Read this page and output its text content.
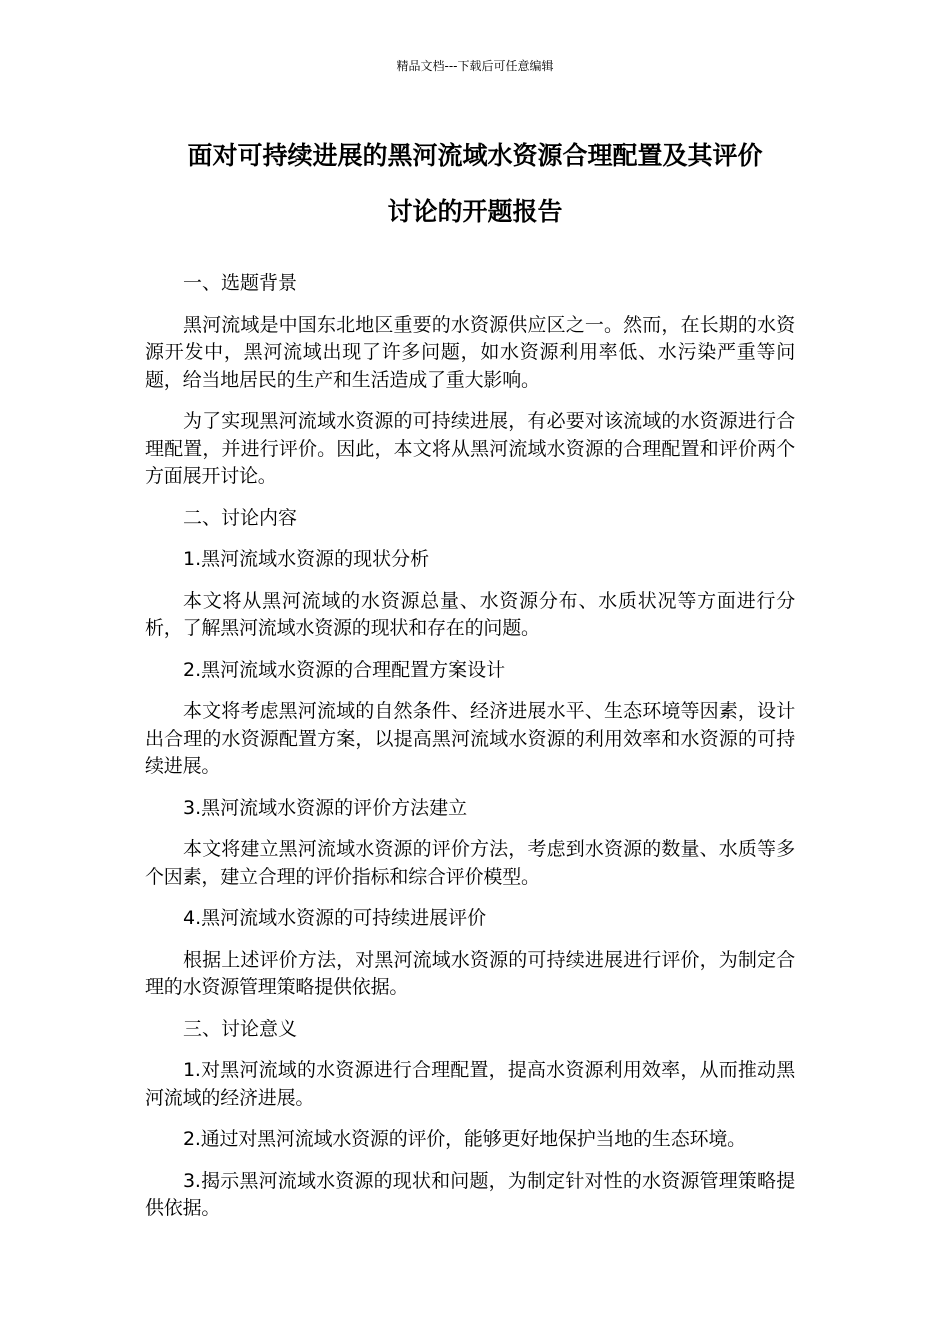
精品文档---下载后可任意编辑
面对可持续进展的黑河流域水资源合理配置及其评价
讨论的开题报告

一、选题背景

黑河流域是中国东北地区重要的水资源供应区之一。然而，在长期的水资源开发中，黑河流域出现了许多问题，如水资源利用率低、水污染严重等问题，给当地居民的生产和生活造成了重大影响。

为了实现黑河流域水资源的可持续进展，有必要对该流域的水资源进行合理配置，并进行评价。因此，本文将从黑河流域水资源的合理配置和评价两个方面展开讨论。

二、讨论内容

1.黑河流域水资源的现状分析

本文将从黑河流域的水资源总量、水资源分布、水质状况等方面进行分析，了解黑河流域水资源的现状和存在的问题。

2.黑河流域水资源的合理配置方案设计

本文将考虑黑河流域的自然条件、经济进展水平、生态环境等因素，设计出合理的水资源配置方案，以提高黑河流域水资源的利用效率和水资源的可持续进展。

3.黑河流域水资源的评价方法建立

本文将建立黑河流域水资源的评价方法，考虑到水资源的数量、水质等多个因素，建立合理的评价指标和综合评价模型。

4.黑河流域水资源的可持续进展评价

根据上述评价方法，对黑河流域水资源的可持续进展进行评价，为制定合理的水资源管理策略提供依据。

三、讨论意义

1.对黑河流域的水资源进行合理配置，提高水资源利用效率，从而推动黑河流域的经济进展。

2.通过对黑河流域水资源的评价，能够更好地保护当地的生态环境。

3.揭示黑河流域水资源的现状和问题，为制定针对性的水资源管理策略提供依据。
